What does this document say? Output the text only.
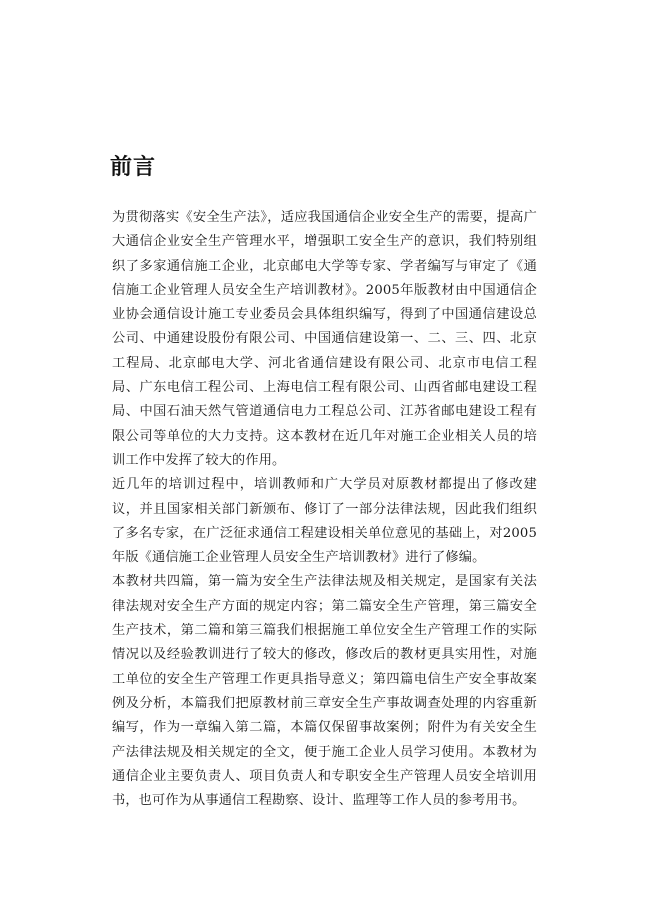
前言

为贯彻落实《安全生产法》，适应我国通信企业安全生产的需要，提高广大通信企业安全生产管理水平，增强职工安全生产的意识，我们特别组织了多家通信施工企业，北京邮电大学等专家、学者编写与审定了《通信施工企业管理人员安全生产培训教材》。2005年版教材由中国通信企业协会通信设计施工专业委员会具体组织编写，得到了中国通信建设总公司、中通建设股份有限公司、中国通信建设第一、二、三、四、北京工程局、北京邮电大学、河北省通信建设有限公司、北京市电信工程局、广东电信工程公司、上海电信工程有限公司、山西省邮电建设工程局、中国石油天然气管道通信电力工程总公司、江苏省邮电建设工程有限公司等单位的大力支持。这本教材在近几年对施工企业相关人员的培训工作中发挥了较大的作用。

近几年的培训过程中，培训教师和广大学员对原教材都提出了修改建议，并且国家相关部门新颁布、修订了一部分法律法规，因此我们组织了多名专家，在广泛征求通信工程建设相关单位意见的基础上，对2005年版《通信施工企业管理人员安全生产培训教材》进行了修编。

本教材共四篇，第一篇为安全生产法律法规及相关规定，是国家有关法律法规对安全生产方面的规定内容；第二篇安全生产管理，第三篇安全生产技术，第二篇和第三篇我们根据施工单位安全生产管理工作的实际情况以及经验教训进行了较大的修改，修改后的教材更具实用性，对施工单位的安全生产管理工作更具指导意义；第四篇电信生产安全事故案例及分析，本篇我们把原教材前三章安全生产事故调查处理的内容重新编写，作为一章编入第二篇，本篇仅保留事故案例；附件为有关安全生产法律法规及相关规定的全文，便于施工企业人员学习使用。本教材为通信企业主要负责人、项目负责人和专职安全生产管理人员安全培训用书，也可作为从事通信工程勘察、设计、监理等工作人员的参考用书。
